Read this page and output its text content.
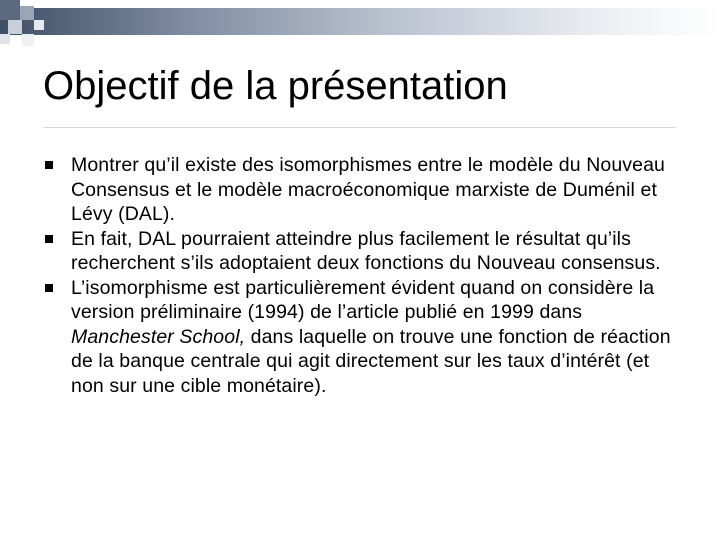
Objectif de la présentation
Montrer qu’il existe des isomorphismes entre le modèle du Nouveau Consensus et le modèle macroéconomique marxiste de Duménil et Lévy (DAL).
En fait, DAL pourraient atteindre plus facilement le résultat qu’ils recherchent s’ils adoptaient deux fonctions du Nouveau consensus.
L’isomorphisme est particulièrement évident quand on considère la version préliminaire (1994) de l’article publié en 1999 dans Manchester School, dans laquelle on trouve une fonction de réaction de la banque centrale qui agit directement sur les taux d’intérêt (et non sur une cible monétaire).
